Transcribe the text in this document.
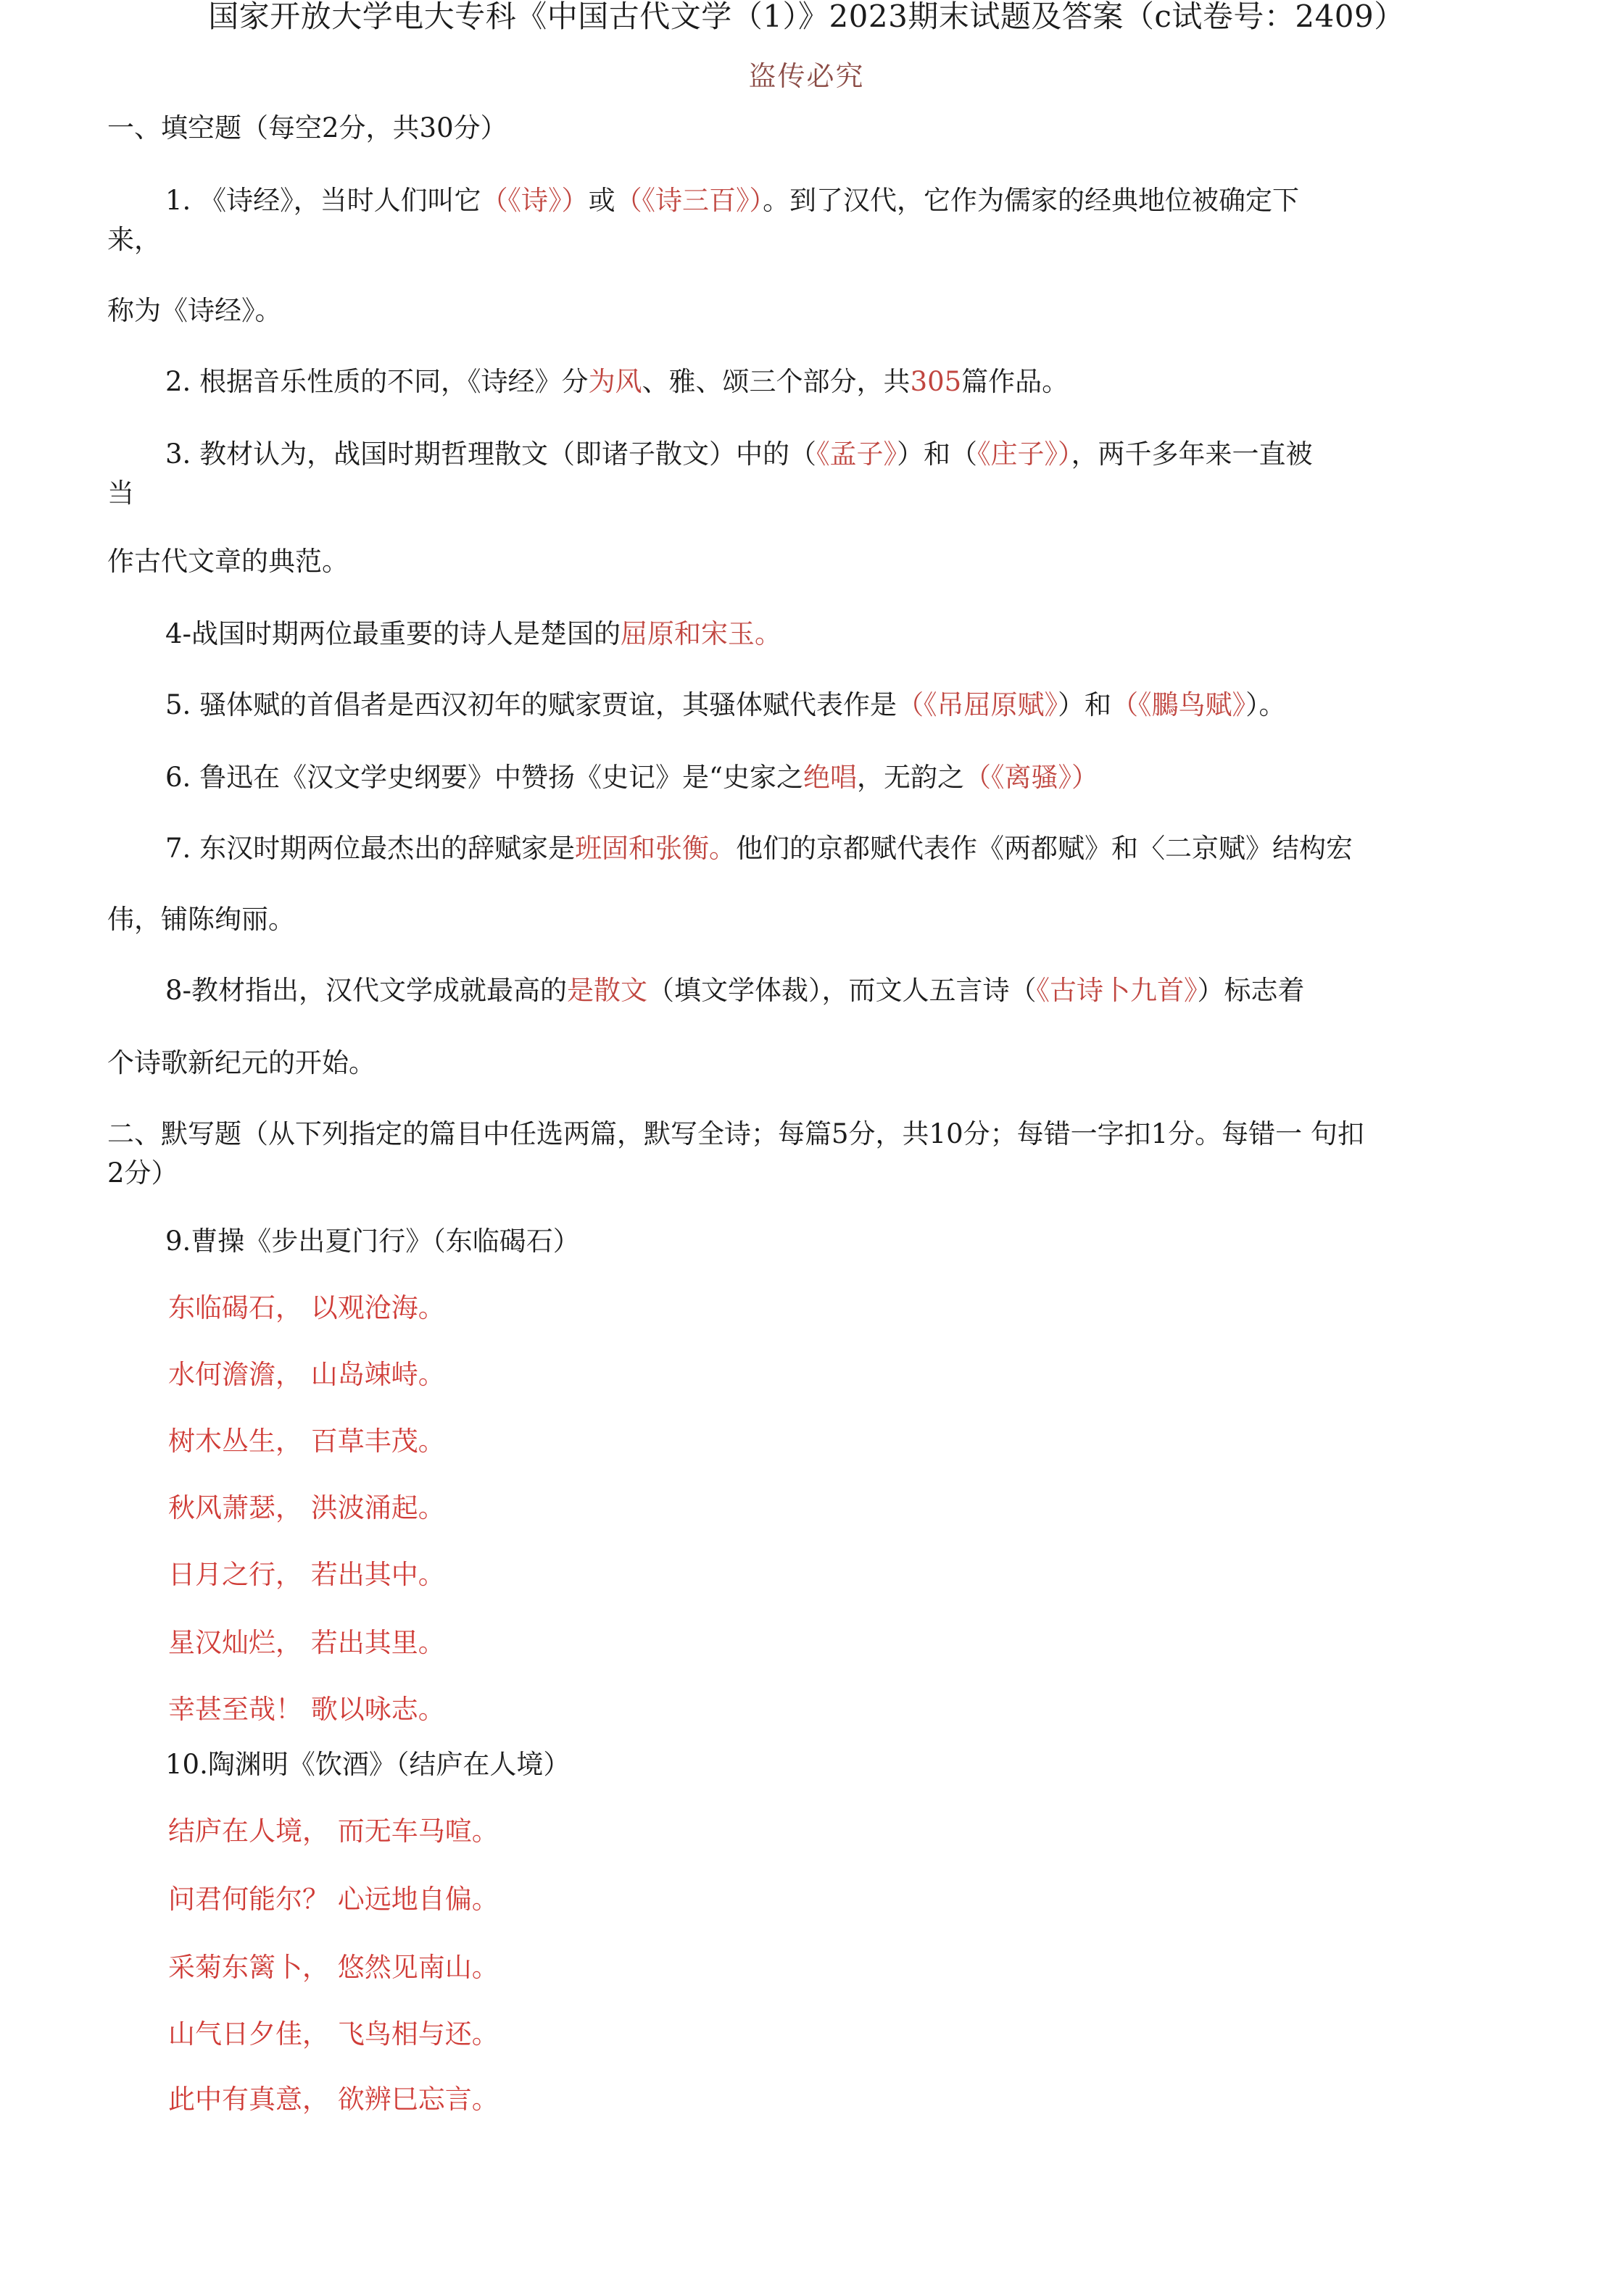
国家开放大学电大专科《中国古代文学（1）》2023期末试题及答案（c试卷号：2409）
盗传必究
一、填空题（每空2分，共30分）
1. 《诗经》，当时人们叫它（《诗》）或（《诗三百》）。到了汉代，它作为儒家的经典地位被确定下
来，
称为《诗经》。
2. 根据音乐性质的不同，《诗经》分为风、雅、颂三个部分，共305篇作品。
3. 教材认为，战国时期哲理散文（即诸子散文）中的（《孟子》）和（《庄子》），两千多年来一直被
当
作古代文章的典范。
4-战国时期两位最重要的诗人是楚国的屈原和宋玉。
5. 骚体赋的首倡者是西汉初年的赋家贾谊，其骚体赋代表作是（《吊屈原赋》）和（《鵩鸟赋》）。
6. 鲁迅在《汉文学史纲要》中赞扬《史记》是“史家之绝唱，无韵之（《离骚》）
7. 东汉时期两位最杰出的辞赋家是班固和张衡。他们的京都赋代表作《两都赋》和〈二京赋》结构宏
伟，铺陈绚丽。
8-教材指出，汉代文学成就最高的是散文（填文学体裁），而文人五言诗（《古诗卜九首》）标志着
个诗歌新纪元的开始。
二、默写题（从下列指定的篇目中任选两篇，默写全诗；每篇5分，共10分；每错一字扣1分。每错一 句扣
2分）
9.曹操《步出夏门行》（东临碣石）
东临碣石， 以观沧海。
水何澹澹， 山岛竦峙。
树木丛生， 百草丰茂。
秋风萧瑟， 洪波涌起。
日月之行， 若出其中。
星汉灿烂， 若出其里。
幸甚至哉！ 歌以咏志。
10.陶渊明《饮酒》（结庐在人境）
结庐在人境， 而无车马喧。
问君何能尔？ 心远地自偏。
采菊东篱卜， 悠然见南山。
山气日夕佳， 飞鸟相与还。
此中有真意， 欲辨巳忘言。
